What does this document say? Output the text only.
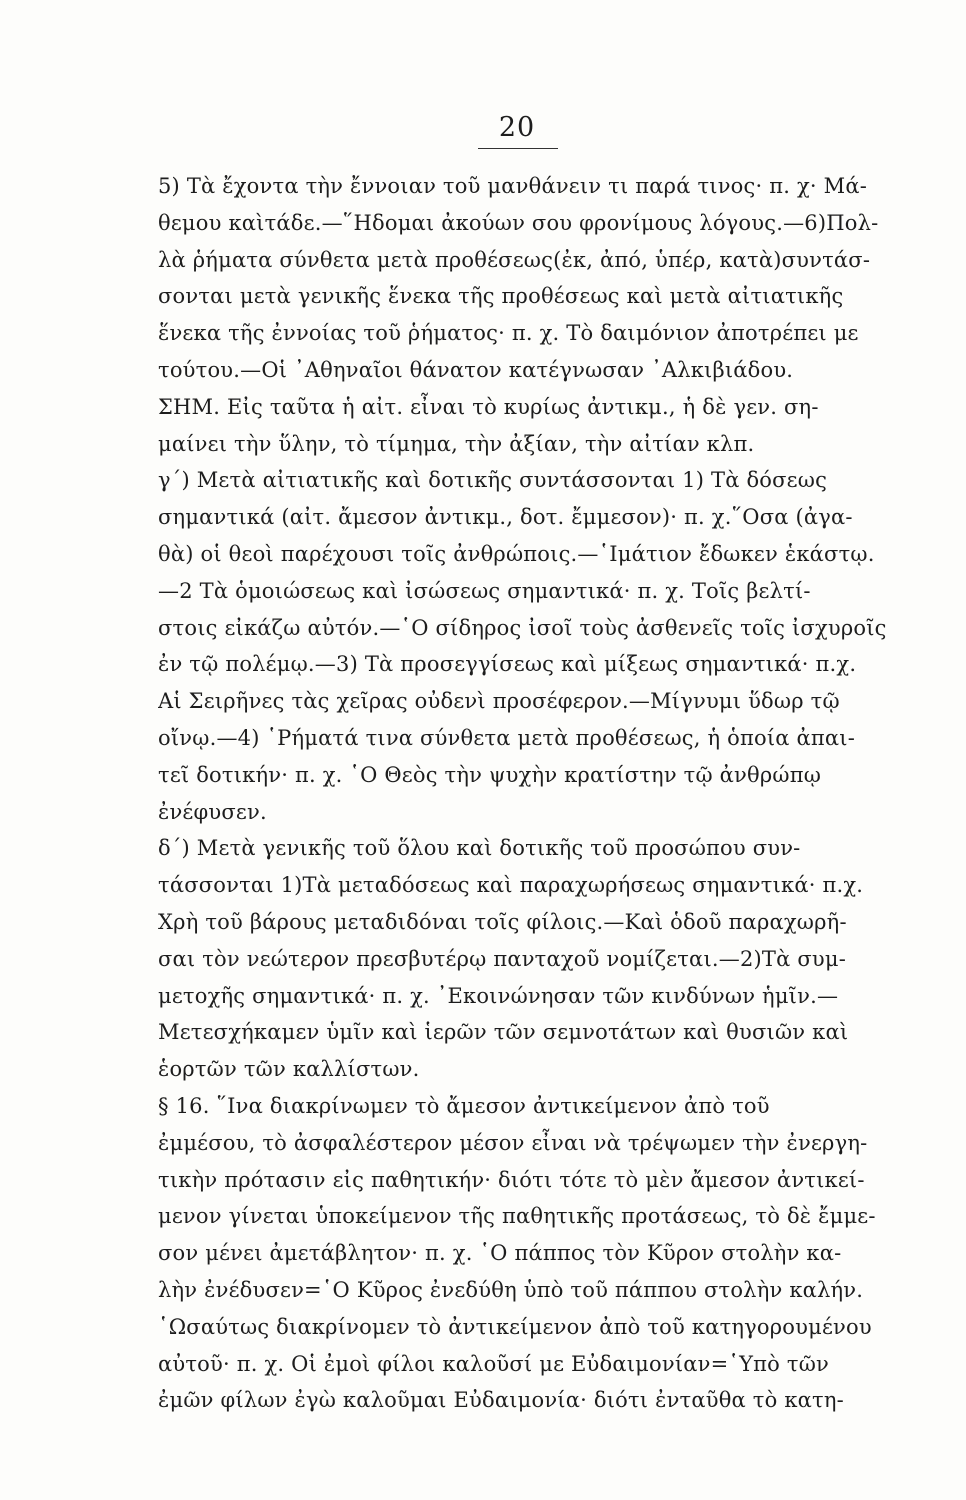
20
5) Τὰ ἔχοντα τὴν ἔννοιαν τοῦ μανθάνειν τι παρά τινος· π. χ· Μά-
θεμου καὶτάδε.—῞Ηδομαι ἀκούων σου φρονίμους λόγους.—6)Πολ-
λὰ ῥήματα σύνθετα μετὰ προθέσεως(ἐκ, ἀπό, ὑπέρ, κατὰ)συντάσ-
σονται μετὰ γενικῆς ἕνεκα τῆς προθέσεως καὶ μετὰ αἰτιατικῆς
ἕνεκα τῆς ἐννοίας τοῦ ῥήματος· π. χ. Τὸ δαιμόνιον ἀποτρέπει με
τούτου.—Οἱ ᾿Αθηναῖοι θάνατον κατέγνωσαν ᾿Αλκιβιάδου.
ΣΗΜ. Εἰς ταῦτα ἡ αἰτ. εἶναι τὸ κυρίως ἀντικμ., ἡ δὲ γεν. ση-
μαίνει τὴν ὕλην, τὸ τίμημα, τὴν ἀξίαν, τὴν αἰτίαν κλπ.
γ΄) Μετὰ αἰτιατικῆς καὶ δοτικῆς συντάσσονται 1) Τὰ δόσεως
σημαντικά (αἰτ. ἄμεσον ἀντικμ., δοτ. ἔμμεσον)· π. χ.῞Οσα (ἀγα-
θὰ) οἱ θεοὶ παρέχουσι τοῖς ἀνθρώποις.—῾Ιμάτιον ἔδωκεν ἑκάστῳ.
—2 Τὰ ὁμοιώσεως καὶ ἰσώσεως σημαντικά· π. χ. Τοῖς βελτί-
στοις εἰκάζω αὐτόν.—῾Ο σίδηρος ἰσοῖ τοὺς ἀσθενεῖς τοῖς ἰσχυροῖς
ἐν τῷ πολέμῳ.—3) Τὰ προσεγγίσεως καὶ μίξεως σημαντικά· π.χ.
Αἱ Σειρῆνες τὰς χεῖρας οὐδενὶ προσέφερον.—Μίγνυμι ὕδωρ τῷ
οἴνῳ.—4) ῾Ρήματά τινα σύνθετα μετὰ προθέσεως, ἡ ὁποία ἀπαι-
τεῖ δοτικήν· π. χ. ῾Ο Θεὸς τὴν ψυχὴν κρατίστην τῷ ἀνθρώπῳ
ἐνέφυσεν.
δ΄) Μετὰ γενικῆς τοῦ ὅλου καὶ δοτικῆς τοῦ προσώπου συν-
τάσσονται 1)Τὰ μεταδόσεως καὶ παραχωρήσεως σημαντικά· π.χ.
Χρὴ τοῦ βάρους μεταδιδόναι τοῖς φίλοις.—Καὶ ὁδοῦ παραχωρῆ-
σαι τὸν νεώτερον πρεσβυτέρῳ πανταχοῦ νομίζεται.—2)Τὰ συμ-
μετοχῆς σημαντικά· π. χ. ᾿Εκοινώνησαν τῶν κινδύνων ἡμῖν.—
Μετεσχήκαμεν ὑμῖν καὶ ἱερῶν τῶν σεμνοτάτων καὶ θυσιῶν καὶ
ἑορτῶν τῶν καλλίστων.
§ 16. ῞Ινα διακρίνωμεν τὸ ἄμεσον ἀντικείμενον ἀπὸ τοῦ
ἐμμέσου, τὸ ἀσφαλέστερον μέσον εἶναι νὰ τρέψωμεν τὴν ἐνεργη-
τικὴν πρότασιν εἰς παθητικήν· διότι τότε τὸ μὲν ἄμεσον ἀντικεί-
μενον γίνεται ὑποκείμενον τῆς παθητικῆς προτάσεως, τὸ δὲ ἔμμε-
σον μένει ἀμετάβλητον· π. χ. ῾Ο πάππος τὸν Κῦρον στολὴν κα-
λὴν ἐνέδυσεν=῾Ο Κῦρος ἐνεδύθη ὑπὸ τοῦ πάππου στολὴν καλήν.
῾Ωσαύτως διακρίνομεν τὸ ἀντικείμενον ἀπὸ τοῦ κατηγορουμένου
αὐτοῦ· π. χ. Οἱ ἐμοὶ φίλοι καλοῦσί με Εὐδαιμονίαν=῾Υπὸ τῶν
ἐμῶν φίλων ἐγὼ καλοῦμαι Εὐδαιμονία· διότι ἐνταῦθα τὸ κατη-
